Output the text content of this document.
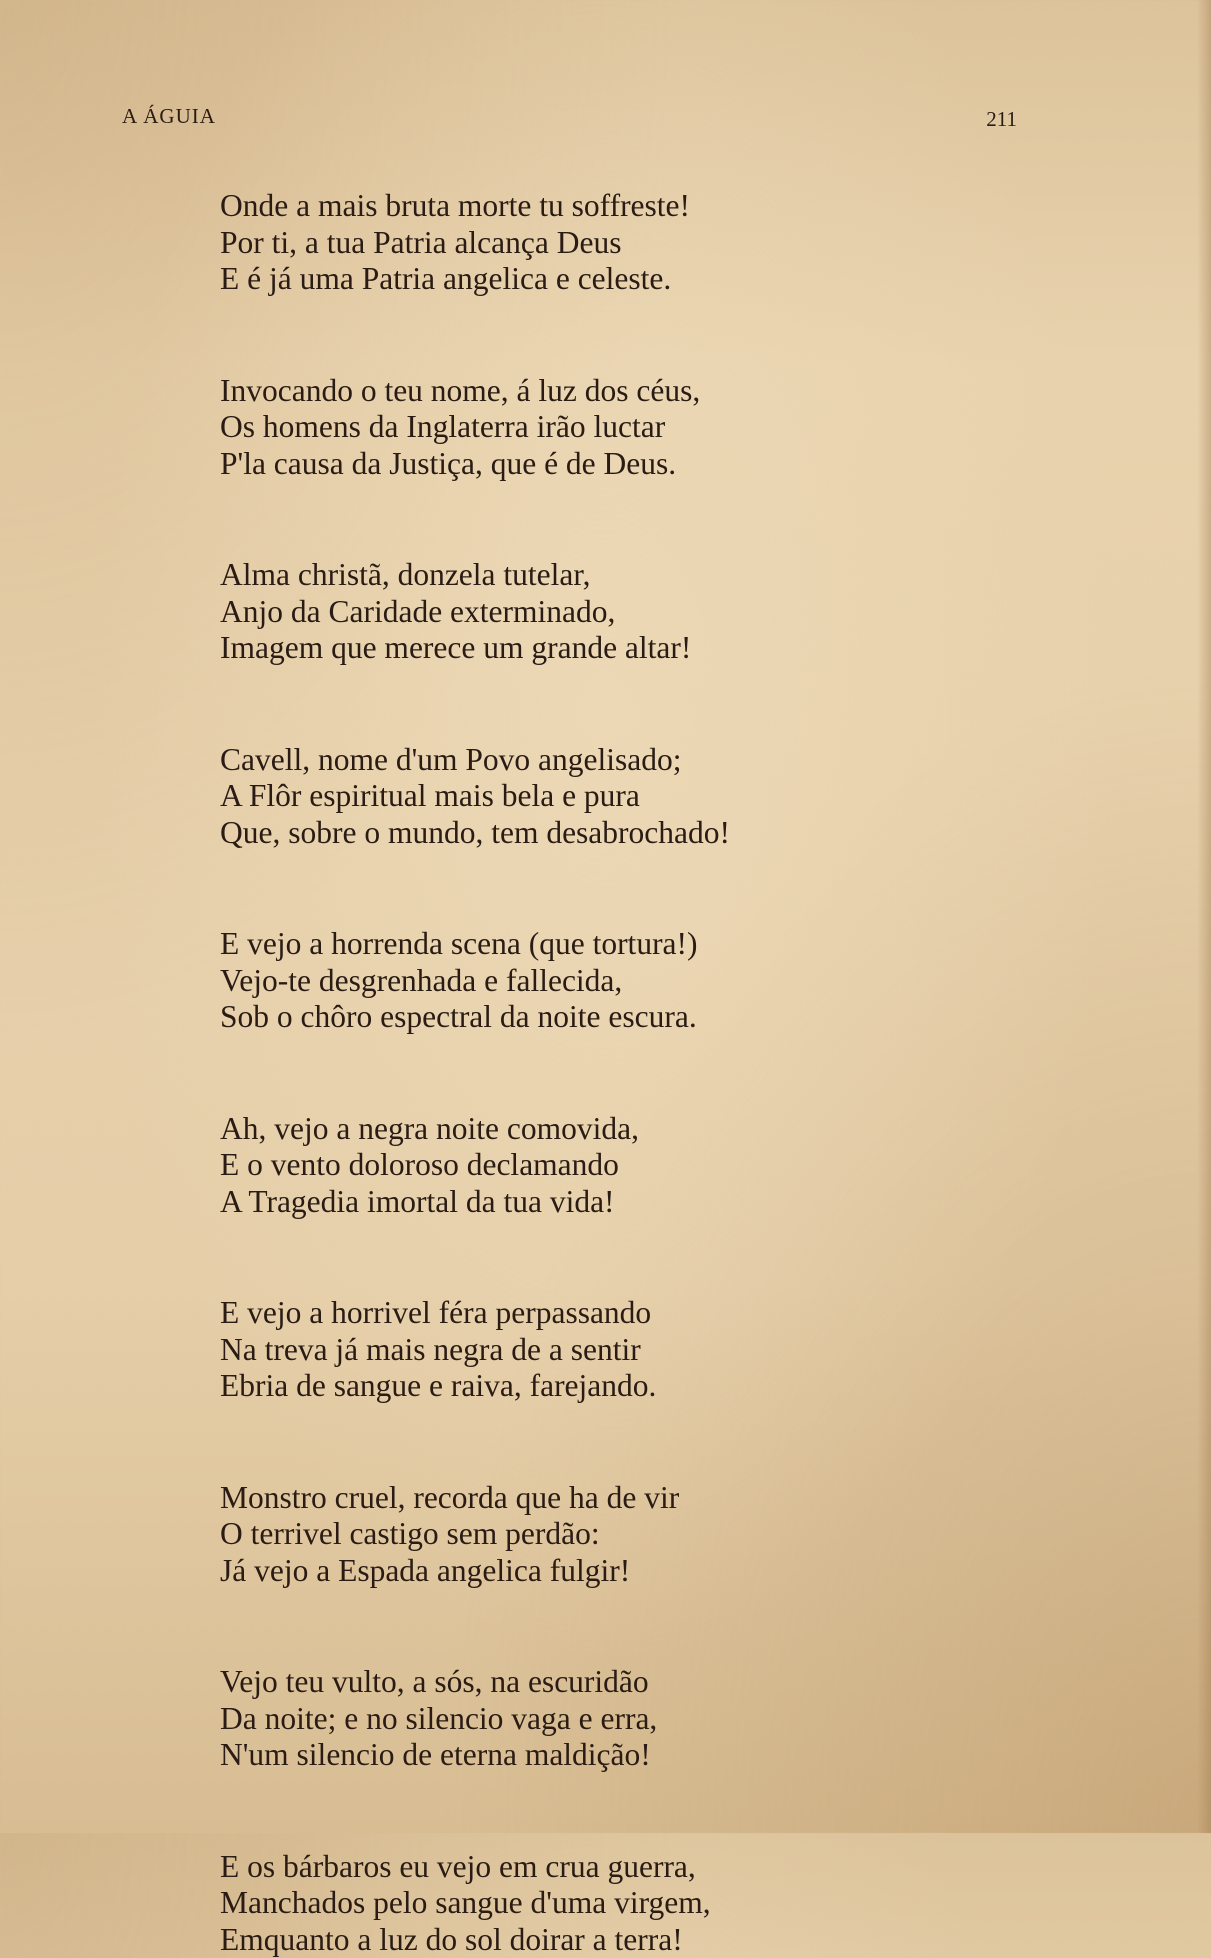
A ÁGUIA	211
Onde a mais bruta morte tu soffreste!
Por ti, a tua Patria alcança Deus
E é já uma Patria angelica e celeste.
Invocando o teu nome, á luz dos céus,
Os homens da Inglaterra irão luctar
P'la causa da Justiça, que é de Deus.
Alma christã, donzela tutelar,
Anjo da Caridade exterminado,
Imagem que merece um grande altar!
Cavell, nome d'um Povo angelisado;
A Flôr espiritual mais bela e pura
Que, sobre o mundo, tem desabrochado!
E vejo a horrenda scena (que tortura!)
Vejo-te desgrenhada e fallecida,
Sob o chôro espectral da noite escura.
Ah, vejo a negra noite comovida,
E o vento doloroso declamando
A Tragedia imortal da tua vida!
E vejo a horrivel féra perpassando
Na treva já mais negra de a sentir
Ebria de sangue e raiva, farejando.
Monstro cruel, recorda que ha de vir
O terrivel castigo sem perdão:
Já vejo a Espada angelica fulgir!
Vejo teu vulto, a sós, na escuridão
Da noite; e no silencio vaga e erra,
N'um silencio de eterna maldição!
E os bárbaros eu vejo em crua guerra,
Manchados pelo sangue d'uma virgem,
Emquanto a luz do sol doirar a terra!
